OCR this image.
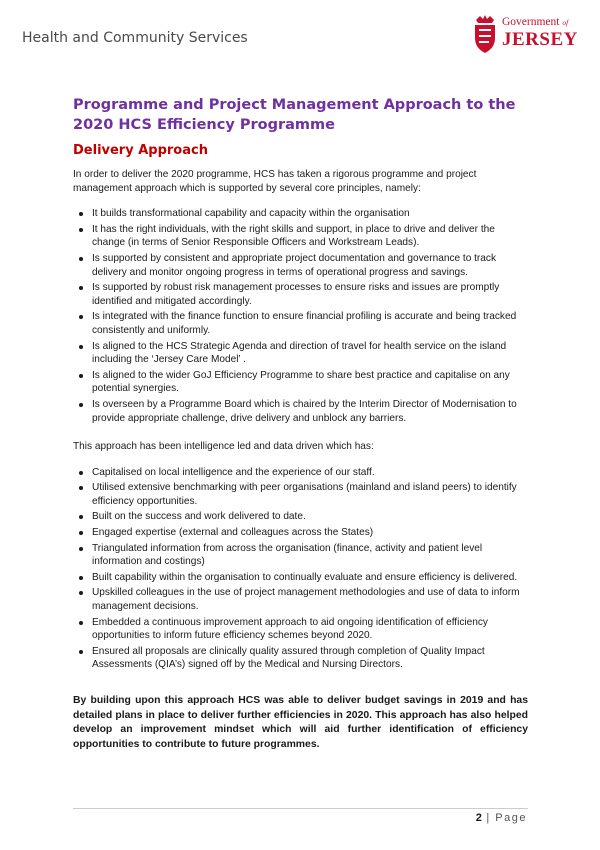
Health and Community Services
Government of
JERSEY
Programme and Project Management Approach to the 2020 HCS Efficiency Programme
Delivery Approach

In order to deliver the 2020 programme, HCS has taken a rigorous programme and project management approach which is supported by several core principles, namely:

It builds transformational capability and capacity within the organisation
It has the right individuals, with the right skills and support, in place to drive and deliver the change (in terms of Senior Responsible Officers and Workstream Leads).
Is supported by consistent and appropriate project documentation and governance to track delivery and monitor ongoing progress in terms of operational progress and savings.
Is supported by robust risk management processes to ensure risks and issues are promptly identified and mitigated accordingly.
Is integrated with the finance function to ensure financial profiling is accurate and being tracked consistently and uniformly.
Is aligned to the HCS Strategic Agenda and direction of travel for health service on the island including the ‘Jersey Care Model’ .
Is aligned to the wider GoJ Efficiency Programme to share best practice and capitalise on any potential synergies.
Is overseen by a Programme Board which is chaired by the Interim Director of Modernisation to provide appropriate challenge, drive delivery and unblock any barriers.

This approach has been intelligence led and data driven which has:

Capitalised on local intelligence and the experience of our staff.
Utilised extensive benchmarking with peer organisations (mainland and island peers) to identify efficiency opportunities.
Built on the success and work delivered to date.
Engaged expertise (external and colleagues across the States)
Triangulated information from across the organisation (finance, activity and patient level information and costings)
Built capability within the organisation to continually evaluate and ensure efficiency is delivered.
Upskilled colleagues in the use of project management methodologies and use of data to inform management decisions.
Embedded a continuous improvement approach to aid ongoing identification of efficiency opportunities to inform future efficiency schemes beyond 2020.
Ensured all proposals are clinically quality assured through completion of Quality Impact Assessments (QIA’s) signed off by the Medical and Nursing Directors.

By building upon this approach HCS was able to deliver budget savings in 2019 and has detailed plans in place to deliver further efficiencies in 2020. This approach has also helped develop an improvement mindset which will aid further identification of efficiency opportunities to contribute to future programmes.

2 | Page
